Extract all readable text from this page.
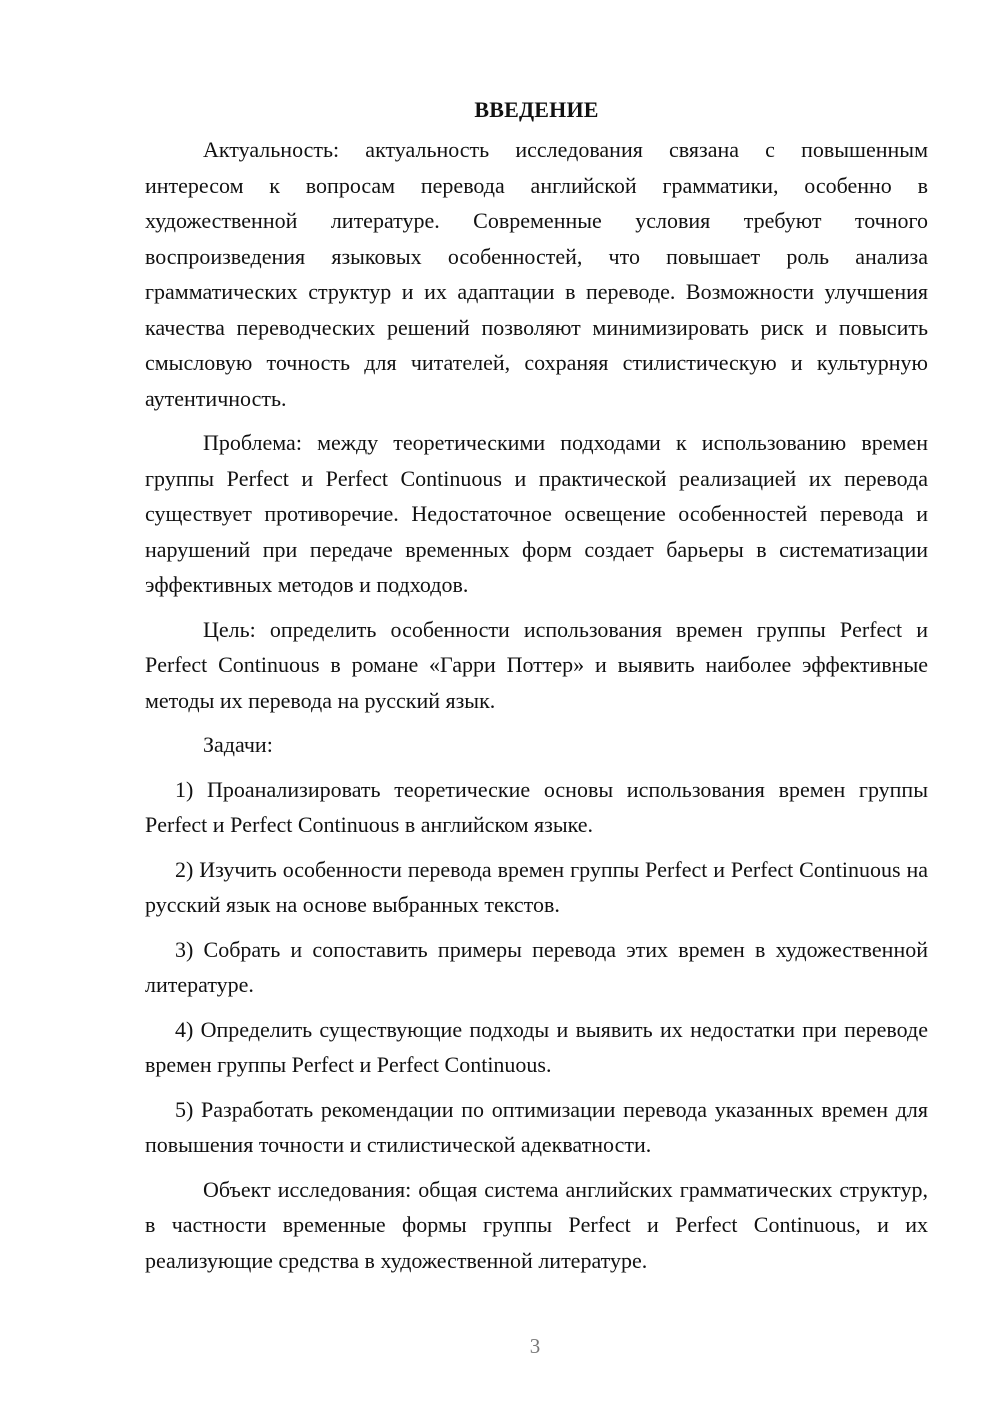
ВВЕДЕНИЕ

Актуальность: актуальность исследования связана с повышенным интересом к вопросам перевода английской грамматики, особенно в художественной литературе. Современные условия требуют точного воспроизведения языковых особенностей, что повышает роль анализа грамматических структур и их адаптации в переводе. Возможности улучшения качества переводческих решений позволяют минимизировать риск и повысить смысловую точность для читателей, сохраняя стилистическую и культурную аутентичность.

Проблема: между теоретическими подходами к использованию времен группы Perfect и Perfect Continuous и практической реализацией их перевода существует противоречие. Недостаточное освещение особенностей перевода и нарушений при передаче временных форм создает барьеры в систематизации эффективных методов и подходов.

Цель: определить особенности использования времен группы Perfect и Perfect Continuous в романе «Гарри Поттер» и выявить наиболее эффективные методы их перевода на русский язык.

Задачи:

1) Проанализировать теоретические основы использования времен группы Perfect и Perfect Continuous в английском языке.

2) Изучить особенности перевода времен группы Perfect и Perfect Continuous на русский язык на основе выбранных текстов.

3) Собрать и сопоставить примеры перевода этих времен в художественной литературе.

4) Определить существующие подходы и выявить их недостатки при переводе времен группы Perfect и Perfect Continuous.

5) Разработать рекомендации по оптимизации перевода указанных времен для повышения точности и стилистической адекватности.

Объект исследования: общая система английских грамматических структур, в частности временные формы группы Perfect и Perfect Continuous, и их реализующие средства в художественной литературе.

3
